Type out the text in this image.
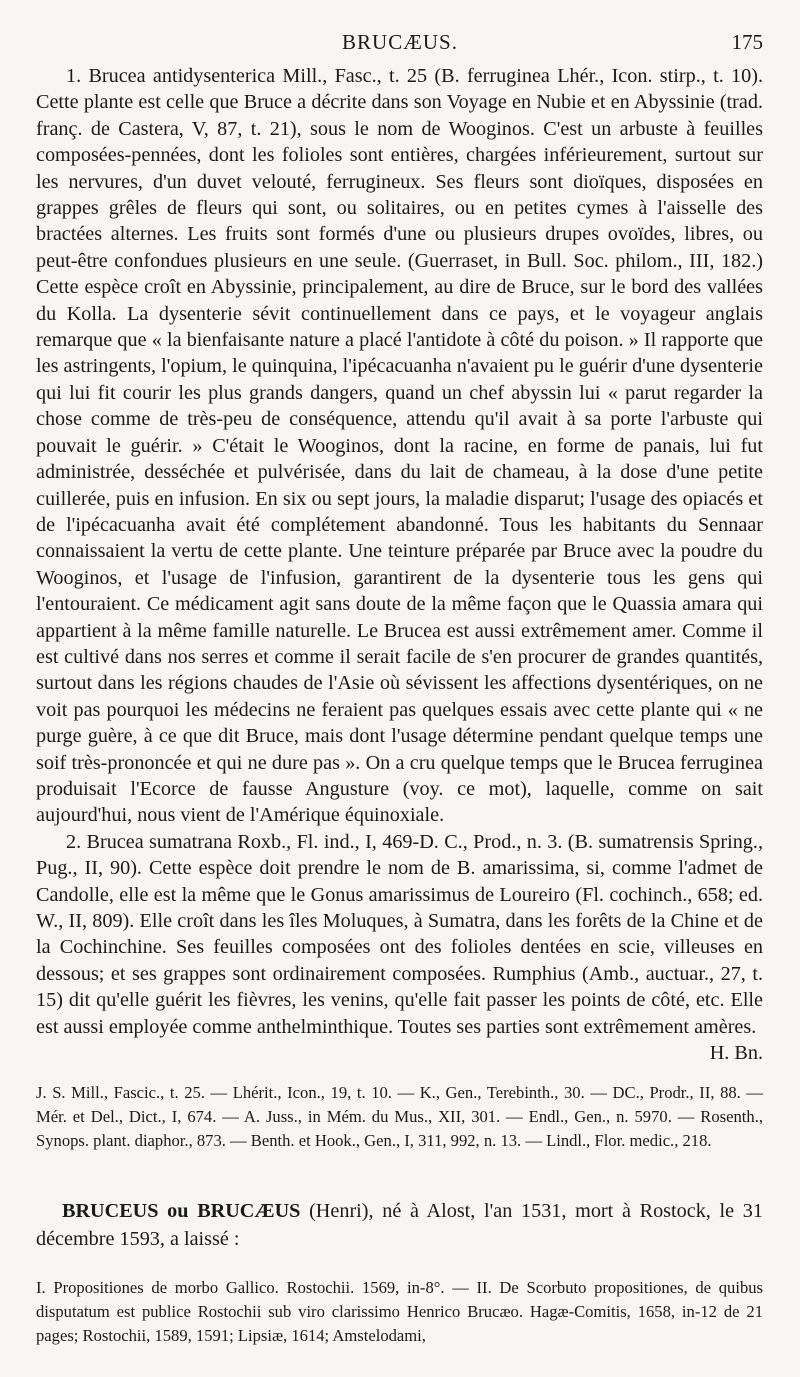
BRUCÆUS.	175

1. Brucea antidysenterica Mill., Fasc., t. 25 (B. ferruginea Lhér., Icon. stirp., t. 10). Cette plante est celle que Bruce a décrite dans son Voyage en Nubie et en Abyssinie (trad. franç. de Castera, V, 87, t. 21), sous le nom de Wooginos. C'est un arbuste à feuilles composées-pennées, dont les folioles sont entières, chargées inférieurement, surtout sur les nervures, d'un duvet velouté, ferrugineux. Ses fleurs sont dioïques, disposées en grappes grêles de fleurs qui sont, ou solitaires, ou en petites cymes à l'aisselle des bractées alternes. Les fruits sont formés d'une ou plusieurs drupes ovoïdes, libres, ou peut-être confondues plusieurs en une seule. (Guerraset, in Bull. Soc. philom., III, 182.) Cette espèce croît en Abyssinie, principalement, au dire de Bruce, sur le bord des vallées du Kolla. La dysenterie sévit continuellement dans ce pays, et le voyageur anglais remarque que « la bienfaisante nature a placé l'antidote à côté du poison. » Il rapporte que les astringents, l'opium, le quinquina, l'ipécacuanha n'avaient pu le guérir d'une dysenterie qui lui fit courir les plus grands dangers, quand un chef abyssin lui « parut regarder la chose comme de très-peu de conséquence, attendu qu'il avait à sa porte l'arbuste qui pouvait le guérir. » C'était le Wooginos, dont la racine, en forme de panais, lui fut administrée, desséchée et pulvérisée, dans du lait de chameau, à la dose d'une petite cuillerée, puis en infusion. En six ou sept jours, la maladie disparut; l'usage des opiacés et de l'ipécacuanha avait été complétement abandonné. Tous les habitants du Sennaar connaissaient la vertu de cette plante. Une teinture préparée par Bruce avec la poudre du Wooginos, et l'usage de l'infusion, garantirent de la dysenterie tous les gens qui l'entouraient. Ce médicament agit sans doute de la même façon que le Quassia amara qui appartient à la même famille naturelle. Le Brucea est aussi extrêmement amer. Comme il est cultivé dans nos serres et comme il serait facile de s'en procurer de grandes quantités, surtout dans les régions chaudes de l'Asie où sévissent les affections dysentériques, on ne voit pas pourquoi les médecins ne feraient pas quelques essais avec cette plante qui « ne purge guère, à ce que dit Bruce, mais dont l'usage détermine pendant quelque temps une soif très-prononcée et qui ne dure pas ». On a cru quelque temps que le Brucea ferruginea produisait l'Ecorce de fausse Angusture (voy. ce mot), laquelle, comme on sait aujourd'hui, nous vient de l'Amérique équinoxiale.

2. Brucea sumatrana Roxb., Fl. ind., I, 469-D. C., Prod., n. 3. (B. sumatrensis Spring., Pug., II, 90). Cette espèce doit prendre le nom de B. amarissima, si, comme l'admet de Candolle, elle est la même que le Gonus amarissimus de Loureiro (Fl. cochinch., 658; ed. W., II, 809). Elle croît dans les îles Moluques, à Sumatra, dans les forêts de la Chine et de la Cochinchine. Ses feuilles composées ont des folioles dentées en scie, villeuses en dessous; et ses grappes sont ordinairement composées. Rumphius (Amb., auctuar., 27, t. 15) dit qu'elle guérit les fièvres, les venins, qu'elle fait passer les points de côté, etc. Elle est aussi employée comme anthelminthique. Toutes ses parties sont extrêmement amères.
H. Bn.

J. S. Mill., Fascic., t. 25. — Lhérit., Icon., 19, t. 10. — K., Gen., Terebinth., 30. — DC., Prodr., II, 88. — Mér. et Del., Dict., I, 674. — A. Juss., in Mém. du Mus., XII, 301. — Endl., Gen., n. 5970. — Rosenth., Synops. plant. diaphor., 873. — Benth. et Hook., Gen., I, 311, 992, n. 13. — Lindl., Flor. medic., 218.

BRUCEUS ou BRUCÆUS (Henri), né à Alost, l'an 1531, mort à Rostock, le 31 décembre 1593, a laissé :

I. Propositiones de morbo Gallico. Rostochii. 1569, in-8°. — II. De Scorbuto propositiones, de quibus disputatum est publice Rostochii sub viro clarissimo Henrico Brucæo. Hagæ-Comitis, 1658, in-12 de 21 pages; Rostochii, 1589, 1591; Lipsiæ, 1614; Amstelodami,
